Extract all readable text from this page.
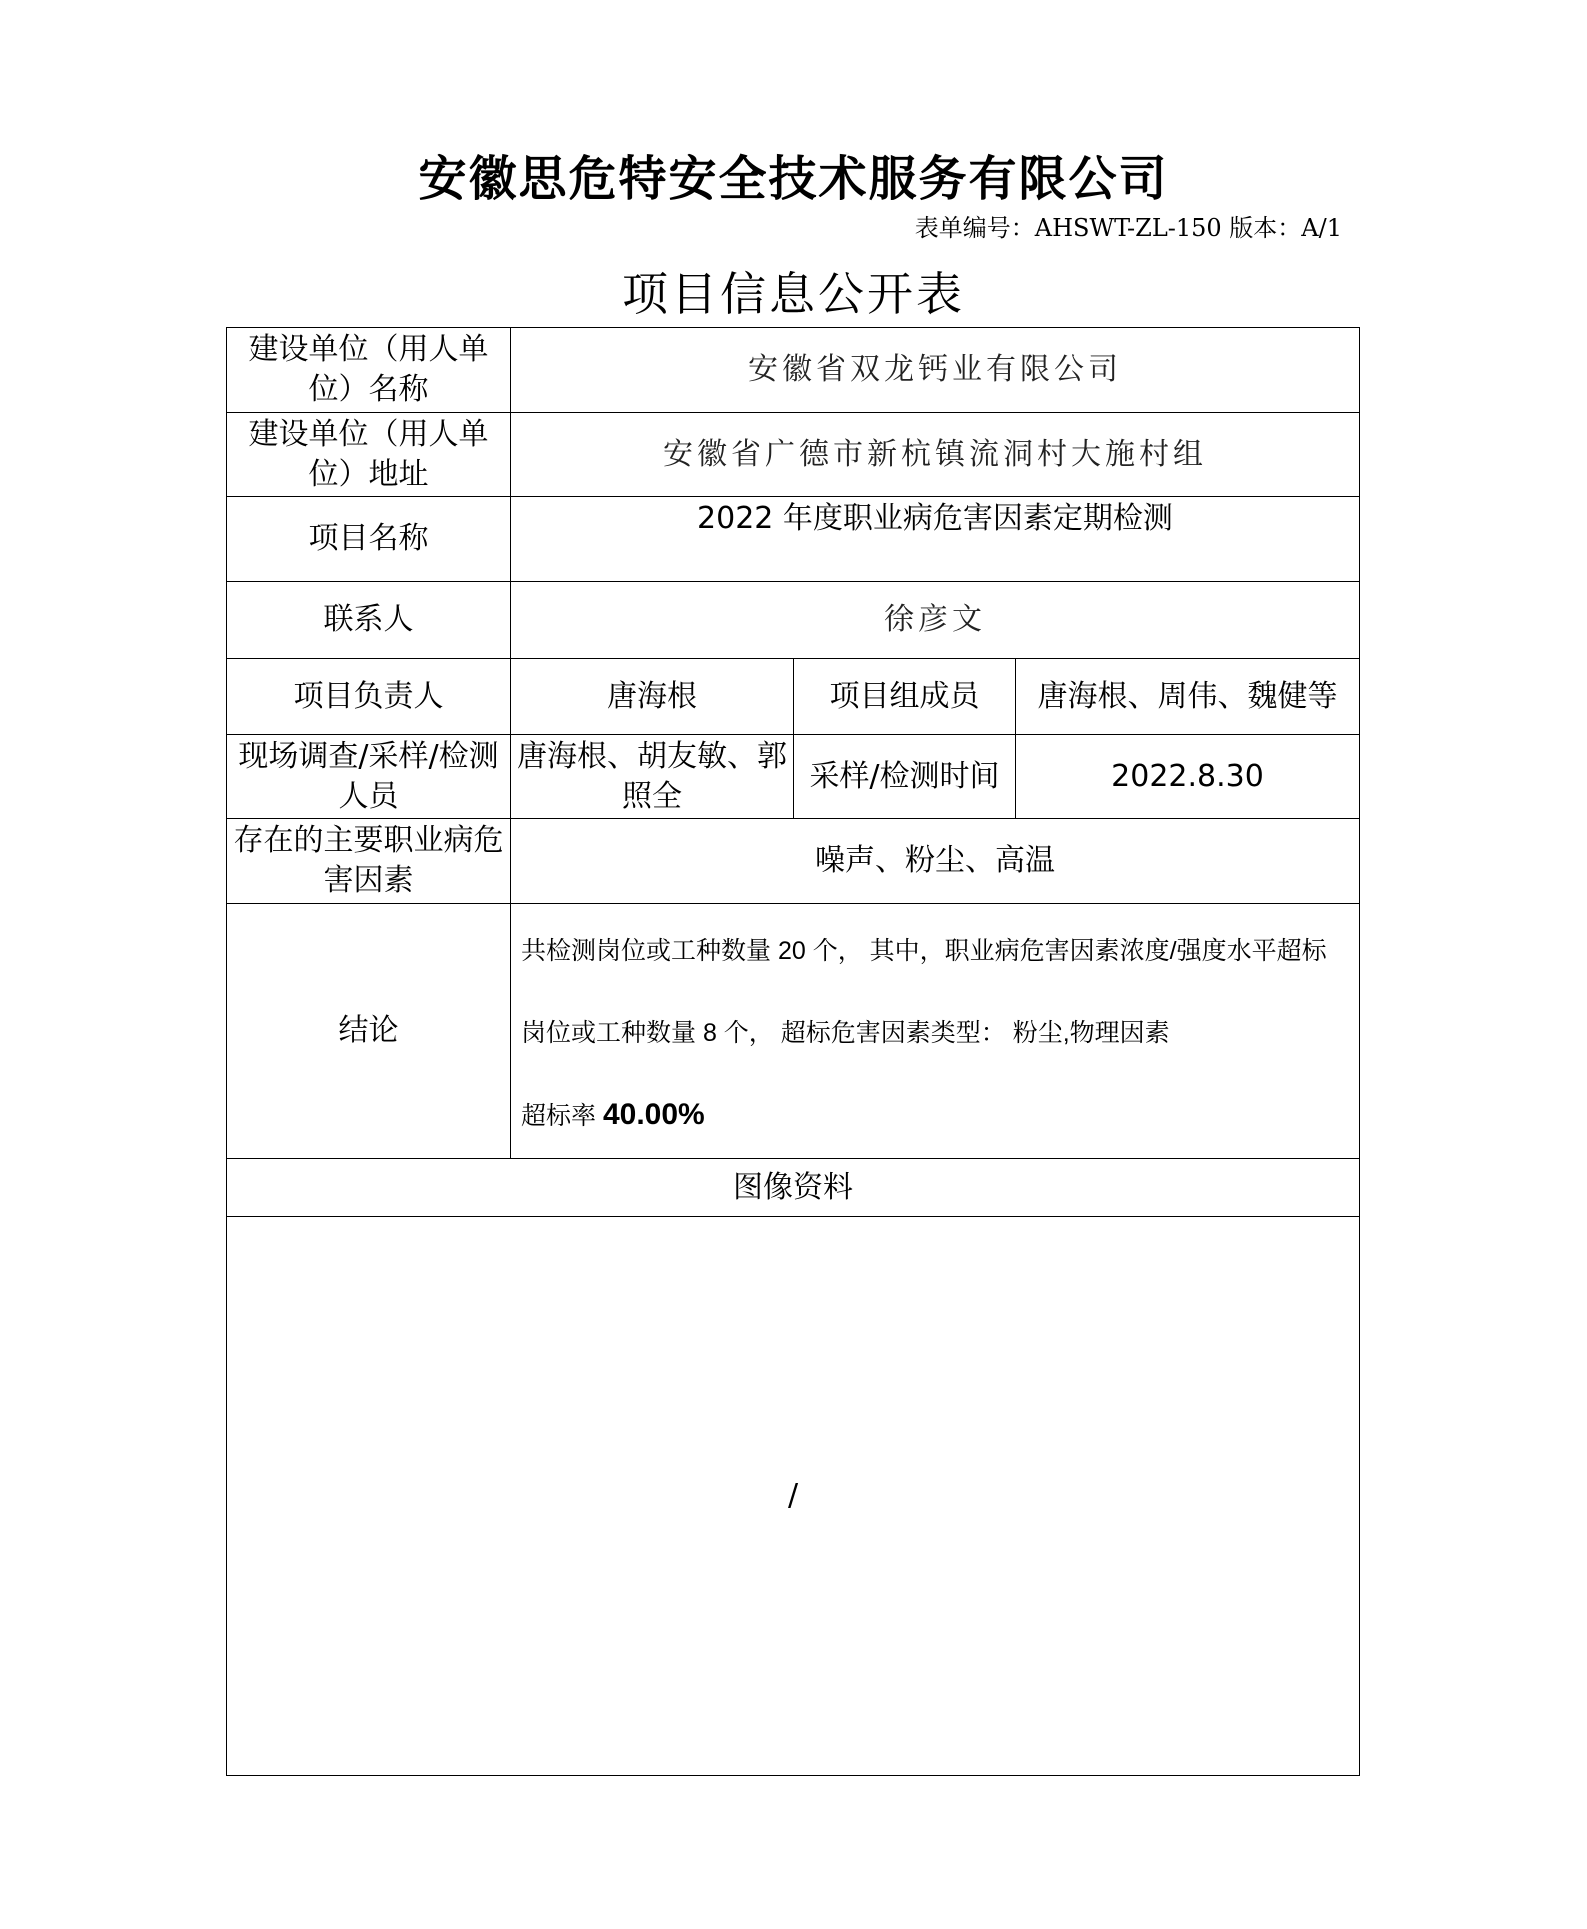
安徽思危特安全技术服务有限公司
表单编号：AHSWT-ZL-150 版本：A/1
项目信息公开表
建设单位（用人单位）名称	安徽省双龙钙业有限公司		
建设单位（用人单位）地址	安徽省广德市新杭镇流洞村大施村组		
项目名称	2022 年度职业病危害因素定期检测		
联系人	徐彦文		
项目负责人	唐海根	项目组成员	唐海根、周伟、魏健等
现场调查/采样/检测人员	唐海根、胡友敏、郭照全	采样/检测时间	2022.8.30
存在的主要职业病危害因素	噪声、粉尘、高温		
结论	共检测岗位或工种数量 20 个， 其中，职业病危害因素浓度/强度水平超标
岗位或工种数量 8 个， 超标危害因素类型： 粉尘,物理因素
超标率 40.00%		

图像资料			
/			
